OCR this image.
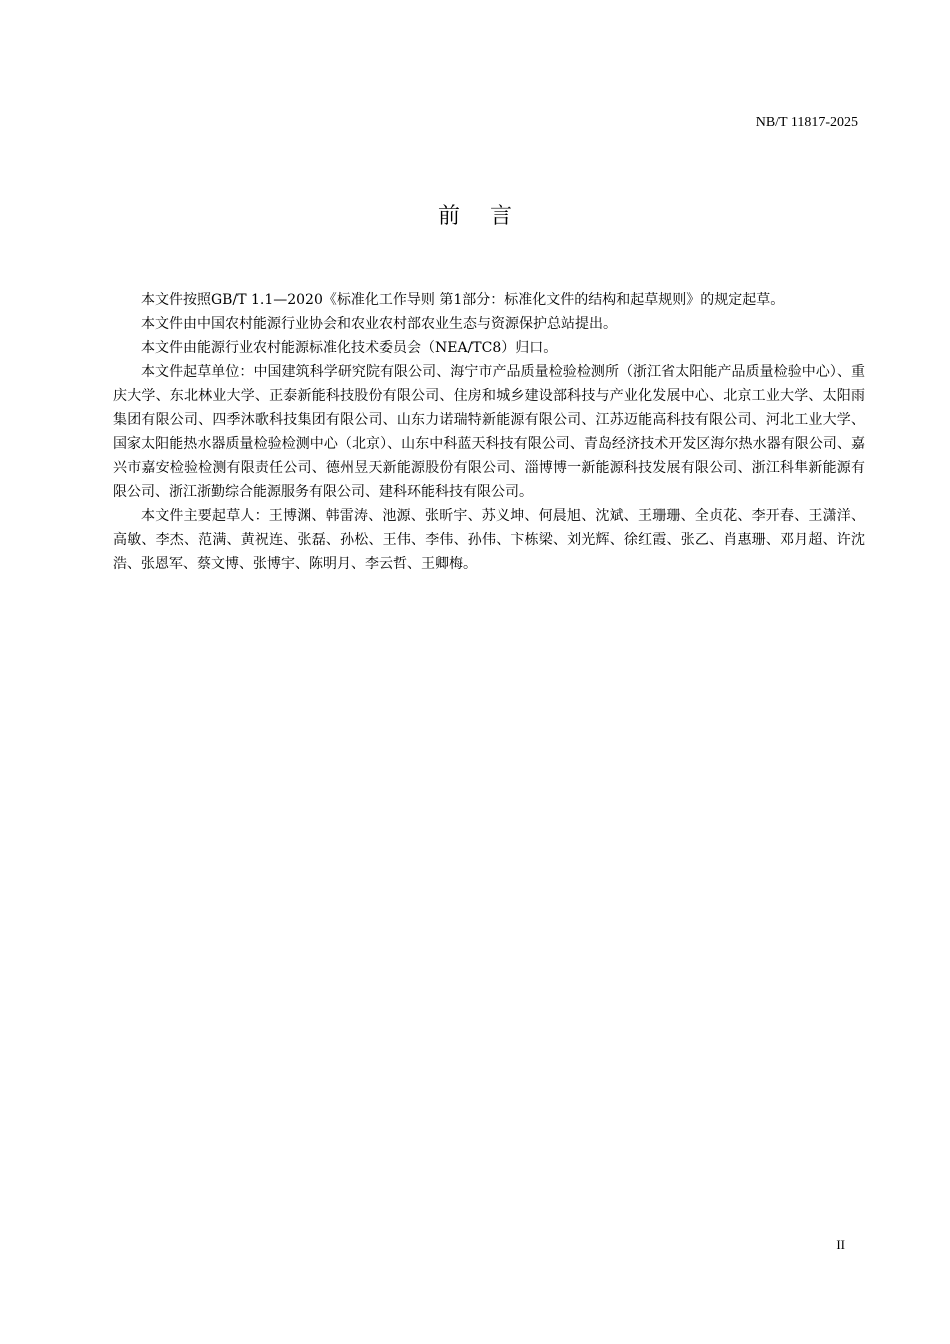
NB/T 11817-2025
前言

本文件按照GB/T 1.1—2020《标准化工作导则 第1部分：标准化文件的结构和起草规则》的规定起草。

本文件由中国农村能源行业协会和农业农村部农业生态与资源保护总站提出。

本文件由能源行业农村能源标准化技术委员会（NEA/TC8）归口。

本文件起草单位：中国建筑科学研究院有限公司、海宁市产品质量检验检测所（浙江省太阳能产品质量检验中心）、重庆大学、东北林业大学、正泰新能科技股份有限公司、住房和城乡建设部科技与产业化发展中心、北京工业大学、太阳雨集团有限公司、四季沐歌科技集团有限公司、山东力诺瑞特新能源有限公司、江苏迈能高科技有限公司、河北工业大学、国家太阳能热水器质量检验检测中心（北京）、山东中科蓝天科技有限公司、青岛经济技术开发区海尔热水器有限公司、嘉兴市嘉安检验检测有限责任公司、德州昱天新能源股份有限公司、淄博博一新能源科技发展有限公司、浙江科隼新能源有限公司、浙江浙勤综合能源服务有限公司、建科环能科技有限公司。

本文件主要起草人：王博渊、韩雷涛、池源、张昕宇、苏义坤、何晨旭、沈斌、王珊珊、全贞花、李开春、王潇洋、高敏、李杰、范满、黄祝连、张磊、孙松、王伟、李伟、孙伟、卞栋梁、刘光辉、徐红霞、张乙、肖惠珊、邓月超、许沈浩、张恩军、蔡文博、张博宇、陈明月、李云哲、王卿梅。

II
